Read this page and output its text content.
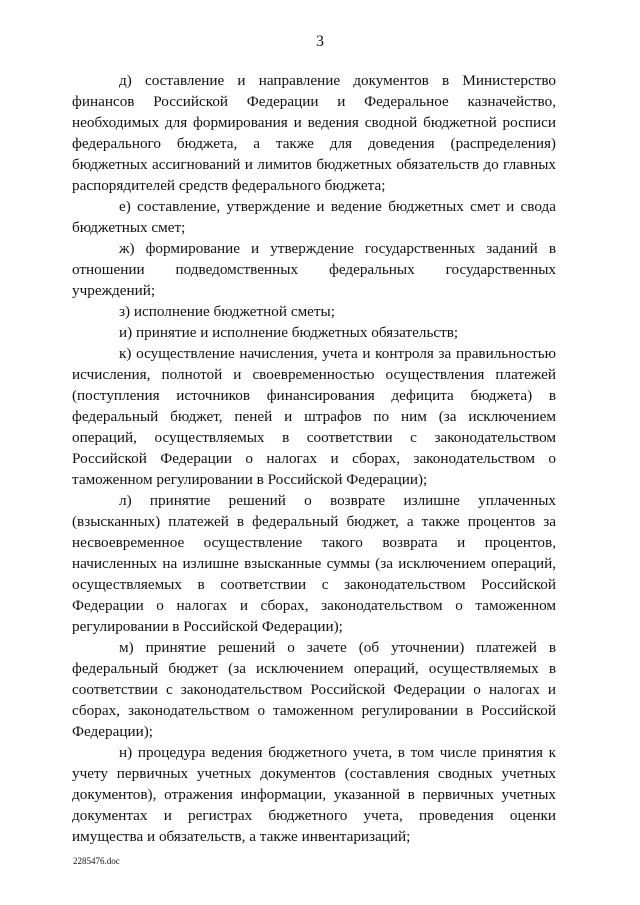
3

д) составление и направление документов в Министерство финансов Российской Федерации и Федеральное казначейство, необходимых для формирования и ведения сводной бюджетной росписи федерального бюджета, а также для доведения (распределения) бюджетных ассигнований и лимитов бюджетных обязательств до главных распорядителей средств федерального бюджета;

е) составление, утверждение и ведение бюджетных смет и свода бюджетных смет;

ж) формирование и утверждение государственных заданий в отношении подведомственных федеральных государственных учреждений;

з) исполнение бюджетной сметы;

и) принятие и исполнение бюджетных обязательств;

к) осуществление начисления, учета и контроля за правильностью исчисления, полнотой и своевременностью осуществления платежей (поступления источников финансирования дефицита бюджета) в федеральный бюджет, пеней и штрафов по ним (за исключением операций, осуществляемых в соответствии с законодательством Российской Федерации о налогах и сборах, законодательством о таможенном регулировании в Российской Федерации);

л) принятие решений о возврате излишне уплаченных (взысканных) платежей в федеральный бюджет, а также процентов за несвоевременное осуществление такого возврата и процентов, начисленных на излишне взысканные суммы (за исключением операций, осуществляемых в соответствии с законодательством Российской Федерации о налогах и сборах, законодательством о таможенном регулировании в Российской Федерации);

м) принятие решений о зачете (об уточнении) платежей в федеральный бюджет (за исключением операций, осуществляемых в соответствии с законодательством Российской Федерации о налогах и сборах, законодательством о таможенном регулировании в Российской Федерации);

н) процедура ведения бюджетного учета, в том числе принятия к учету первичных учетных документов (составления сводных учетных документов), отражения информации, указанной в первичных учетных документах и регистрах бюджетного учета, проведения оценки имущества и обязательств, а также инвентаризаций;

2285476.doc
